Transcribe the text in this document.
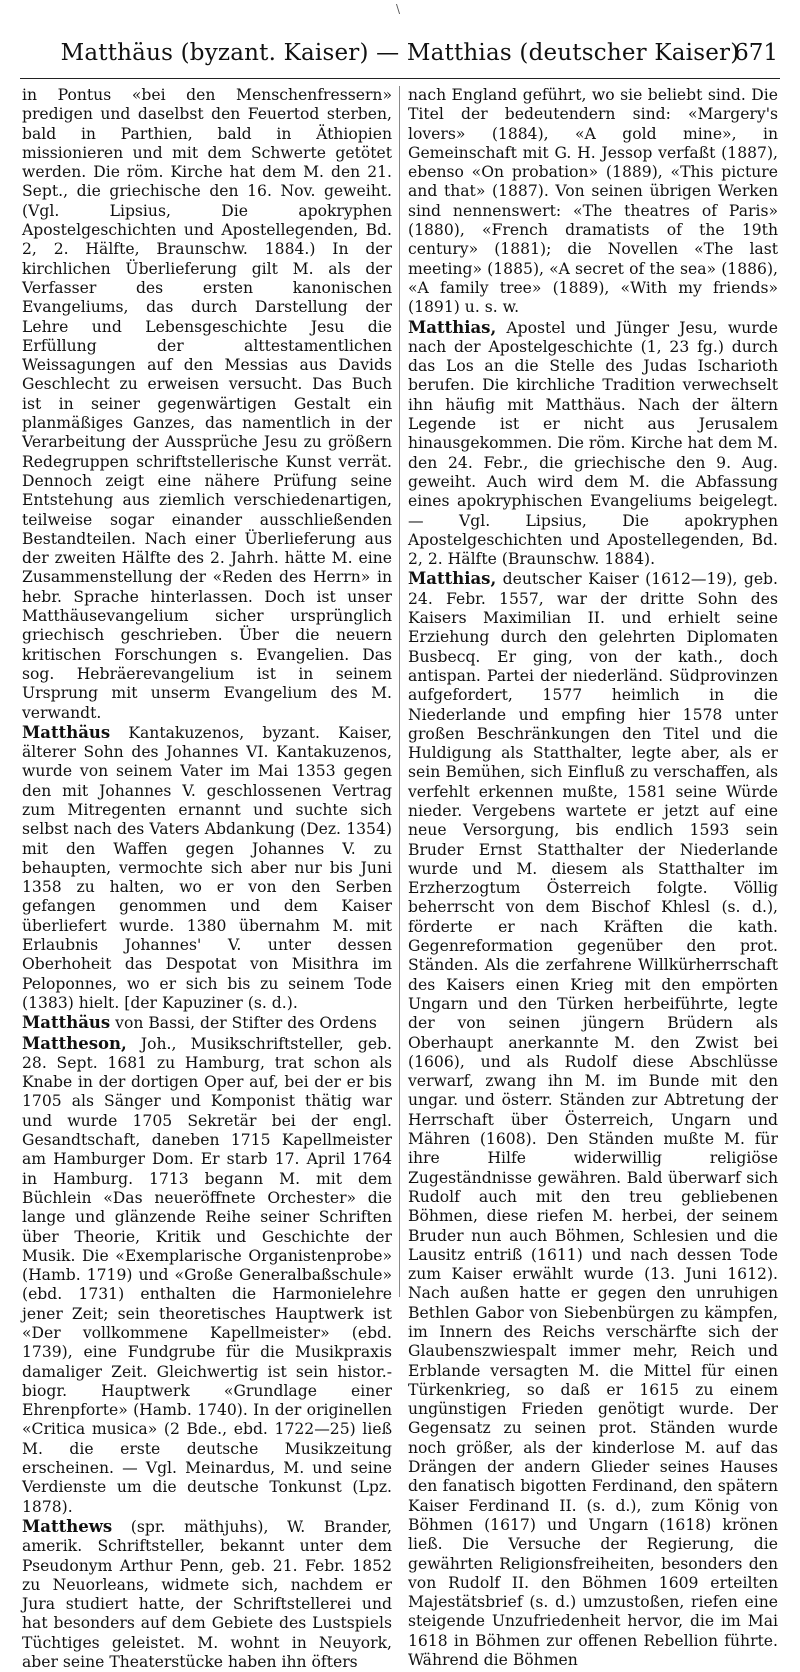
\
Matthäus (byzant. Kaiser) — Matthias (deutscher Kaiser)
671

in Pontus «bei den Menschenfressern» predigen und daselbst den Feuertod sterben, bald in Parthien, bald in Äthiopien missionieren und mit dem Schwerte getötet werden. Die röm. Kirche hat dem M. den 21. Sept., die griechische den 16. Nov. geweiht. (Vgl. Lipsius, Die apokryphen Apostelgeschichten und Apostellegenden, Bd. 2, 2. Hälfte, Braunschw. 1884.) In der kirchlichen Überlieferung gilt M. als der Verfasser des ersten kanonischen Evangeliums, das durch Darstellung der Lehre und Lebensgeschichte Jesu die Erfüllung der alttestamentlichen Weissagungen auf den Messias aus Davids Geschlecht zu erweisen versucht. Das Buch ist in seiner gegenwärtigen Gestalt ein planmäßiges Ganzes, das namentlich in der Verarbeitung der Aussprüche Jesu zu größern Redegruppen schriftstellerische Kunst verrät. Dennoch zeigt eine nähere Prüfung seine Entstehung aus ziemlich verschiedenartigen, teilweise sogar einander ausschließenden Bestandteilen. Nach einer Überlieferung aus der zweiten Hälfte des 2. Jahrh. hätte M. eine Zusammenstellung der «Reden des Herrn» in hebr. Sprache hinterlassen. Doch ist unser Matthäusevangelium sicher ursprünglich griechisch geschrieben. Über die neuern kritischen Forschungen s. Evangelien. Das sog. Hebräerevangelium ist in seinem Ursprung mit unserm Evangelium des M. verwandt.

Matthäus Kantakuzenos, byzant. Kaiser, älterer Sohn des Johannes VI. Kantakuzenos, wurde von seinem Vater im Mai 1353 gegen den mit Johannes V. geschlossenen Vertrag zum Mitregenten ernannt und suchte sich selbst nach des Vaters Abdankung (Dez. 1354) mit den Waffen gegen Johannes V. zu behaupten, vermochte sich aber nur bis Juni 1358 zu halten, wo er von den Serben gefangen genommen und dem Kaiser überliefert wurde. 1380 übernahm M. mit Erlaubnis Johannes' V. unter dessen Oberhoheit das Despotat von Misithra im Peloponnes, wo er sich bis zu seinem Tode (1383) hielt. [der Kapuziner (s. d.).

Matthäus von Bassi, der Stifter des Ordens

Mattheson, Joh., Musikschriftsteller, geb. 28. Sept. 1681 zu Hamburg, trat schon als Knabe in der dortigen Oper auf, bei der er bis 1705 als Sänger und Komponist thätig war und wurde 1705 Sekretär bei der engl. Gesandtschaft, daneben 1715 Kapellmeister am Hamburger Dom. Er starb 17. April 1764 in Hamburg. 1713 begann M. mit dem Büchlein «Das neueröffnete Orchester» die lange und glänzende Reihe seiner Schriften über Theorie, Kritik und Geschichte der Musik. Die «Exemplarische Organistenprobe» (Hamb. 1719) und «Große Generalbaßschule» (ebd. 1731) enthalten die Harmonielehre jener Zeit; sein theoretisches Hauptwerk ist «Der vollkommene Kapellmeister» (ebd. 1739), eine Fundgrube für die Musikpraxis damaliger Zeit. Gleichwertig ist sein histor.-biogr. Hauptwerk «Grundlage einer Ehrenpforte» (Hamb. 1740). In der originellen «Critica musica» (2 Bde., ebd. 1722—25) ließ M. die erste deutsche Musikzeitung erscheinen. — Vgl. Meinardus, M. und seine Verdienste um die deutsche Tonkunst (Lpz. 1878).

Matthews (spr. mäthjuhs), W. Brander, amerik. Schriftsteller, bekannt unter dem Pseudonym Arthur Penn, geb. 21. Febr. 1852 zu Neuorleans, widmete sich, nachdem er Jura studiert hatte, der Schriftstellerei und hat besonders auf dem Gebiete des Lustspiels Tüchtiges geleistet. M. wohnt in Neuyork, aber seine Theaterstücke haben ihn öfters

nach England geführt, wo sie beliebt sind. Die Titel der bedeutendern sind: «Margery's lovers» (1884), «A gold mine», in Gemeinschaft mit G. H. Jessop verfaßt (1887), ebenso «On probation» (1889), «This picture and that» (1887). Von seinen übrigen Werken sind nennenswert: «The theatres of Paris» (1880), «French dramatists of the 19th century» (1881); die Novellen «The last meeting» (1885), «A secret of the sea» (1886), «A family tree» (1889), «With my friends» (1891) u. s. w.

Matthias, Apostel und Jünger Jesu, wurde nach der Apostelgeschichte (1, 23 fg.) durch das Los an die Stelle des Judas Ischarioth berufen. Die kirchliche Tradition verwechselt ihn häufig mit Matthäus. Nach der ältern Legende ist er nicht aus Jerusalem hinausgekommen. Die röm. Kirche hat dem M. den 24. Febr., die griechische den 9. Aug. geweiht. Auch wird dem M. die Abfassung eines apokryphischen Evangeliums beigelegt. — Vgl. Lipsius, Die apokryphen Apostelgeschichten und Apostellegenden, Bd. 2, 2. Hälfte (Braunschw. 1884).

Matthias, deutscher Kaiser (1612—19), geb. 24. Febr. 1557, war der dritte Sohn des Kaisers Maximilian II. und erhielt seine Erziehung durch den gelehrten Diplomaten Busbecq. Er ging, von der kath., doch antispan. Partei der niederländ. Südprovinzen aufgefordert, 1577 heimlich in die Niederlande und empfing hier 1578 unter großen Beschränkungen den Titel und die Huldigung als Statthalter, legte aber, als er sein Bemühen, sich Einfluß zu verschaffen, als verfehlt erkennen mußte, 1581 seine Würde nieder. Vergebens wartete er jetzt auf eine neue Versorgung, bis endlich 1593 sein Bruder Ernst Statthalter der Niederlande wurde und M. diesem als Statthalter im Erzherzogtum Österreich folgte. Völlig beherrscht von dem Bischof Khlesl (s. d.), förderte er nach Kräften die kath. Gegenreformation gegenüber den prot. Ständen. Als die zerfahrene Willkürherrschaft des Kaisers einen Krieg mit den empörten Ungarn und den Türken herbeiführte, legte der von seinen jüngern Brüdern als Oberhaupt anerkannte M. den Zwist bei (1606), und als Rudolf diese Abschlüsse verwarf, zwang ihn M. im Bunde mit den ungar. und österr. Ständen zur Abtretung der Herrschaft über Österreich, Ungarn und Mähren (1608). Den Ständen mußte M. für ihre Hilfe widerwillig religiöse Zugeständnisse gewähren. Bald überwarf sich Rudolf auch mit den treu gebliebenen Böhmen, diese riefen M. herbei, der seinem Bruder nun auch Böhmen, Schlesien und die Lausitz entriß (1611) und nach dessen Tode zum Kaiser erwählt wurde (13. Juni 1612). Nach außen hatte er gegen den unruhigen Bethlen Gabor von Siebenbürgen zu kämpfen, im Innern des Reichs verschärfte sich der Glaubenszwiespalt immer mehr, Reich und Erblande versagten M. die Mittel für einen Türkenkrieg, so daß er 1615 zu einem ungünstigen Frieden genötigt wurde. Der Gegensatz zu seinen prot. Ständen wurde noch größer, als der kinderlose M. auf das Drängen der andern Glieder seines Hauses den fanatisch bigotten Ferdinand, den spätern Kaiser Ferdinand II. (s. d.), zum König von Böhmen (1617) und Ungarn (1618) krönen ließ. Die Versuche der Regierung, die gewährten Religionsfreiheiten, besonders den von Rudolf II. den Böhmen 1609 erteilten Majestätsbrief (s. d.) umzustoßen, riefen eine steigende Unzufriedenheit hervor, die im Mai 1618 in Böhmen zur offenen Rebellion führte. Während die Böhmen
